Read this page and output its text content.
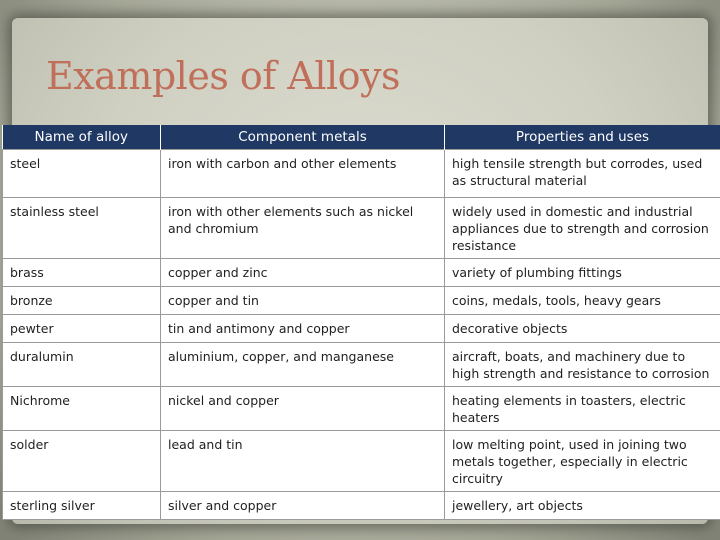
Examples of Alloys
Name of alloy	Component metals	Properties and uses
steel	iron with carbon and other elements	high tensile strength but corrodes, used as structural material
stainless steel	iron with other elements such as nickel and chromium	widely used in domestic and industrial appliances due to strength and corrosion resistance
brass	copper and zinc	variety of plumbing fittings
bronze	copper and tin	coins, medals, tools, heavy gears
pewter	tin and antimony and copper	decorative objects
duralumin	aluminium, copper, and manganese	aircraft, boats, and machinery due to high strength and resistance to corrosion
Nichrome	nickel and copper	heating elements in toasters, electric heaters
solder	lead and tin	low melting point, used in joining two metals together, especially in electric circuitry
sterling silver	silver and copper	jewellery, art objects
